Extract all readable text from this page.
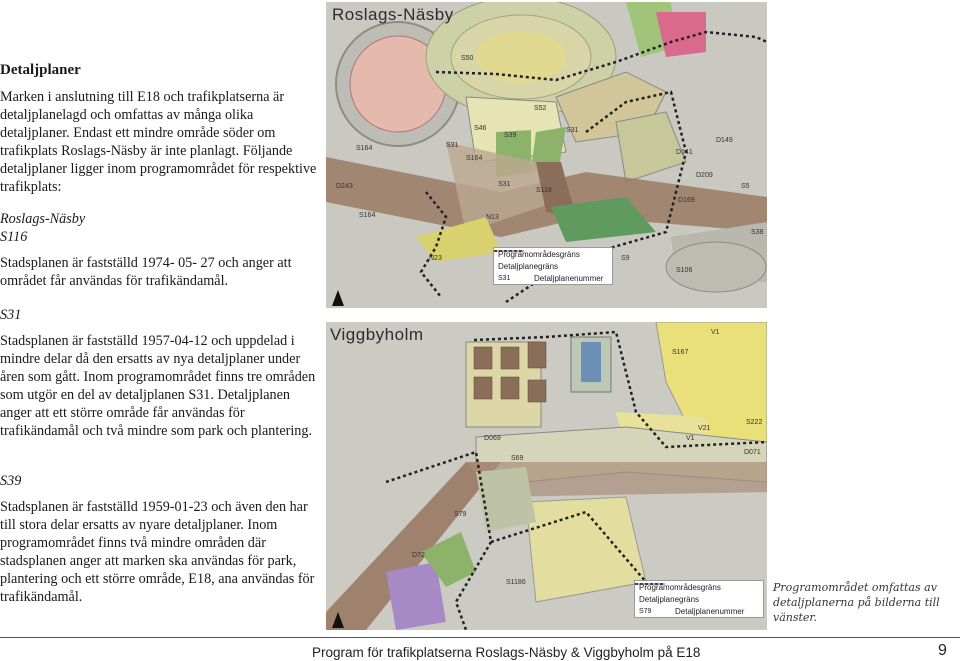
Detaljplaner

Marken i anslutning till E18 och trafikplatserna är detaljplanelagd och omfattas av många olika detaljplaner. Endast ett mindre område söder om trafikplats Roslags-Näsby är inte planlagt. Följande detaljplaner ligger inom programområdet för respektive trafikplats:

Roslags-Näsby
S116

Stadsplanen är fastställd 1974- 05- 27 och anger att området får användas för trafikändamål.

S31

Stadsplanen är fastställd 1957-04-12 och uppdelad i mindre delar då den ersatts av nya detaljplaner under åren som gått. Inom programområdet finns tre områden som utgör en del av detaljplanen S31. Detaljplanen anger att ett större område får användas för trafikändamål och två mindre som park och plantering.

S39

Stadsplanen är fastställd 1959-01-23 och även den har till stora delar ersatts av nyare detaljplaner. Inom programområdet finns två mindre områden där stadsplanen anger att marken ska användas för park, plantering och ett större område, E18, ana användas för trafikändamål.

S50
S52
S39
S46
S31
S164
S31
S116
S31
D141
D149
D209
S5
D169
S38
S106
N13
N23	S9
D243
S164
S164
Roslags-Näsby
Programområdesgräns
Detaljplanegräns
S31	Detaljplanenummer
V1
S167
D069
S69
V1
V21
S222
D071
S79
S1186
D72
Viggbyholm
Programområdesgräns
Detaljplanegräns
S79	Detaljplanenummer
Programområdet omfattas av detaljplanerna på bilderna till vänster.
Program för trafikplatserna Roslags-Näsby & Viggbyholm på E18	9
